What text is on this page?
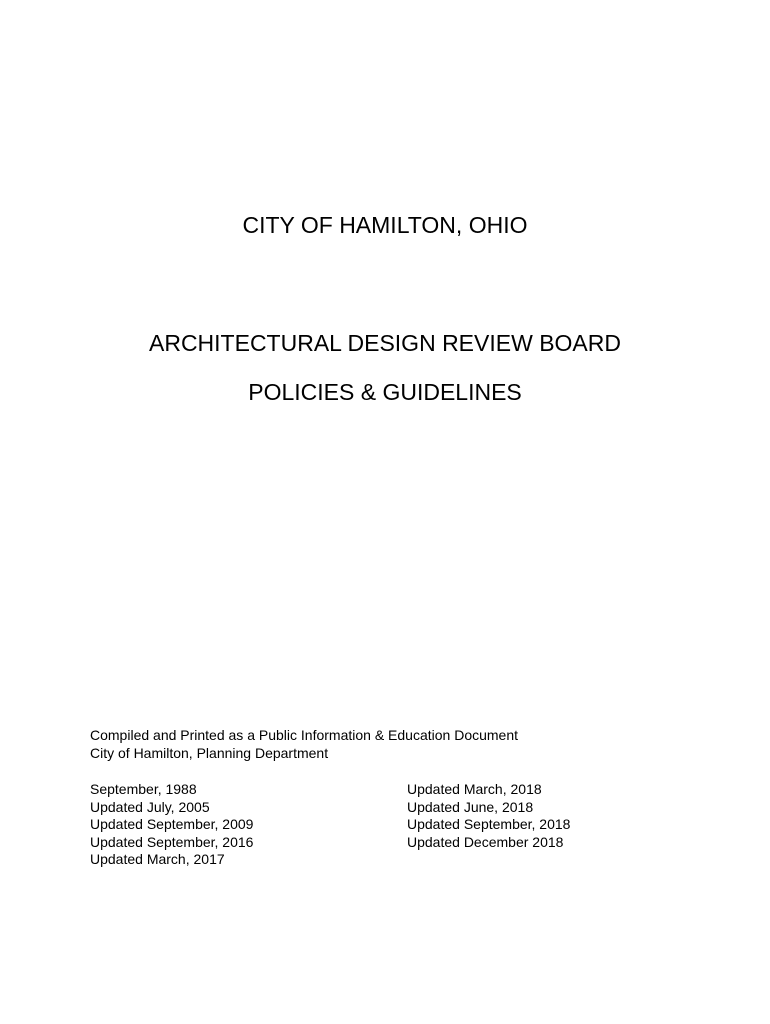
CITY OF HAMILTON, OHIO
ARCHITECTURAL DESIGN REVIEW BOARD
POLICIES & GUIDELINES
Compiled and Printed as a Public Information & Education Document
City of Hamilton, Planning Department
September, 1988
Updated July, 2005
Updated September, 2009
Updated September, 2016
Updated March, 2017
Updated March, 2018
Updated June, 2018
Updated September, 2018
Updated December 2018
